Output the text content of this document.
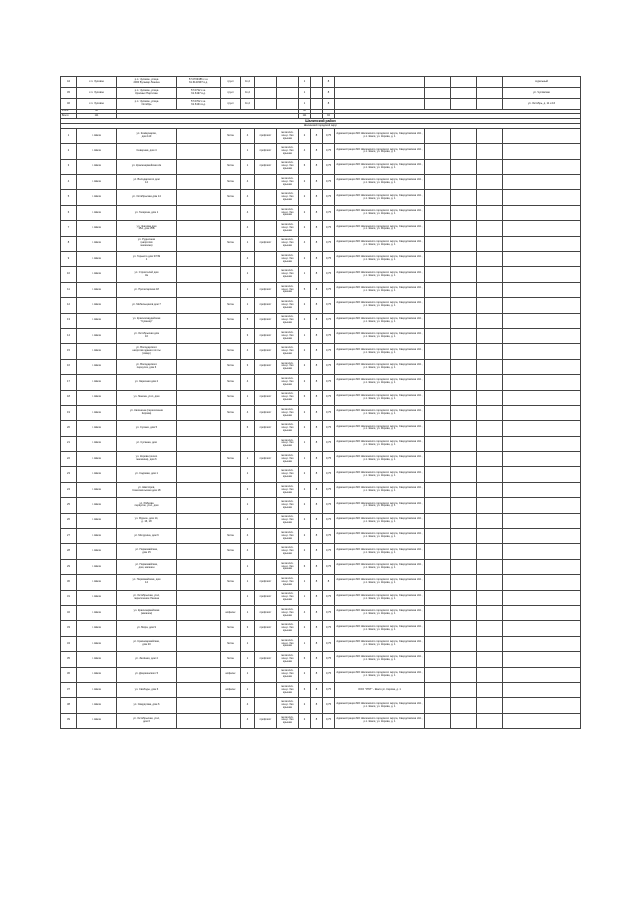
44	с.п. Чусовое	р.п. Чусовое, улица
2000 Бульвар Ленина	57.0703386 с.ш.
61.6123397 в.д.	грунт	11,2			1		8					отдельный
45	с.п. Чусовое	р.п. Чусовое, улица
Красных Партизан	57.0732 с.ш.
61.6197 в.д.	грунт	11,2			1		8					ул. Чусовская
46	с.п. Чусовое	р.п. Чусовое, улица
Октябрь	57.0702 с.ш.
61.6131 в.д.	грунт	11,2			1		8					ул. Октябрь, д. 11 и 16
Итого:	46							46							
Всего:	111							111		94					
Шалинский район															
Шалинский городской округ															
1	г. Шаля	ул. Коммунаров,
дом 113		бетон	4	профлист	металлич.
кон-р. без
крышки	2	8	0,75	Администрация МО Шалинского городского округа, Свердловская обл., р.п. Шаля, ул. Кирова, д. 1				
2	г. Шаля	Северная, дом 4			1	профлист	металлич.
кон-р. без
крышки	4	8	0,75	Администрация МО Шалинского городского округа, Свердловская обл., р.п. Шаля, ул. Кирова, д. 1				
3	г. Шаля	ул. Красноармейская 2а		бетон	1	профлист	металлич.
кон-р. без
крышки	6	8	0,75	Администрация МО Шалинского городского округа, Свердловская обл., р.п. Шаля, ул. Кирова, д. 1				
4	г. Шаля	ул. Володарского дом
14		бетон	4		металлич.
кон-р. без
крышки	2	8	0,75	Администрация МО Шалинского городского округа, Свердловская обл., р.п. Шаля, ул. Кирова, д. 1				
5	г. Шаля	ул. Октябрьская дом 14		бетон	4		металлич.
кон-р. без
крышки	2	8	0,75	Администрация МО Шалинского городского округа, Свердловская обл., р.п. Шаля, ул. Кирова, д. 1				
6	г. Шаля	ул. Гагарина, дом 1			4		металлич.
кон-р. без
крышки	2	8	0,75	Администрация МО Шалинского городского округа, Свердловская обл., р.п. Шаля, ул. Кирова, д. 1				
7	г. Шаля	ул. Чкалова дом
35А, дом 35Б			4		металлич.
кон-р. без
крышки	2	8	0,75	Администрация МО Шалинского городского округа, Свердловская обл., р.п. Шаля, ул. Кирова, д. 1				
8	г. Шаля	ул. Рудничная
(напротив
магазина)		бетон	1	профлист	металлич.
кон-р. без
крышки	4	8	0,75	Администрация МО Шалинского городского округа, Свердловская обл., р.п. Шаля, ул. Кирова, д. 1				
9	г. Шаля	ул. Горького дом 37/49
1			4		металлич.
кон-р. без
крышки	2	8	0,75	Администрация МО Шалинского городского округа, Свердловская обл., р.п. Шаля, ул. Кирова, д. 1				
10	г. Шаля	ул. Строителей дом
3а			1		металлич.
кон-р. без
крышки	1	8	0,75	Администрация МО Шалинского городского округа, Свердловская обл., р.п. Шаля, ул. Кирова, д. 1				
11	г. Шаля	ул. Пролетарская 18			1	профлист	металлич.
кон-р. без
крышки	5	8	0,75	Администрация МО Шалинского городского округа, Свердловская обл., р.п. Шаля, ул. Кирова, д. 1				
12	г. Шаля	ул. Мебельщиков дом 7		бетон	1	профлист	металлич.
кон-р. без
крышки	2	8	0,75	Администрация МО Шалинского городского округа, Свердловская обл., р.п. Шаля, ул. Кирова, д. 1				
13	г. Шаля	ул. Красногвардейская
"Сувенир"		бетон	5	профлист	металлич.
кон-р. без
крышки	2	8	0,75	Администрация МО Шалинского городского округа, Свердловская обл., р.п. Шаля, ул. Кирова, д. 1				
14	г. Шаля	ул. Октябрьская дом
10			3	профлист	металлич.
кон-р. без
крышки	1	8	0,75	Администрация МО Шалинского городского округа, Свердловская обл., р.п. Шаля, ул. Кирова, д. 1				
15	г. Шаля	ул. Володарского
напротив здания почты
(сквер)		бетон	4	профлист	металлич.
кон-р. без
крышки	2	8	0,75	Администрация МО Шалинского городского округа, Свердловская обл., р.п. Шаля, ул. Кирова, д. 1				
16	г. Шаля	ул. Володарского
переулок, дом 6		бетон	3	профлист	металлич.
кон-р. без
крышки	2	8	0,75	Администрация МО Шалинского городского округа, Свердловская обл., р.п. Шаля, ул. Кирова, д. 1				
17	г. Шаля	ул. Заречная дом 2		бетон	4		металлич.
кон-р. без
крышки	2	8	0,75	Администрация МО Шалинского городского округа, Свердловская обл., р.п. Шаля, ул. Кирова, д. 1				
18	г. Шаля	ул. Ленина, угол, дом		бетон	1	профлист	металлич.
кон-р. без
крышки	6	8	0,75	Администрация МО Шалинского городского округа, Свердловская обл., р.п. Шаля, ул. Кирова, д. 1				
19	г. Шаля	ул. Калинина (пересечение
Кирова)		бетон	4	профлист	металлич.
кон-р. без
крышки	2	8	0,75	Администрация МО Шалинского городского округа, Свердловская обл., р.п. Шаля, ул. Кирова, д. 1				
20	г. Шаля	ул. Сусаня, дом 5			6	профлист	металлич.
кон-р. без
крышки	2	8	0,75	Администрация МО Шалинского городского округа, Свердловская обл., р.п. Шаля, ул. Кирова, д. 1				
21	г. Шаля	ул. Сусанна, дом					металлич.
кон-р. без
крышки	1	8	0,75	Администрация МО Шалинского городского округа, Свердловская обл., р.п. Шаля, ул. Кирова, д. 1				
22	г. Шаля	ул. Кирова (около
магазина), дом 6		бетон	1	профлист	металлич.
кон-р. без
крышки	1	8	0,75	Администрация МО Шалинского городского округа, Свердловская обл., р.п. Шаля, ул. Кирова, д. 1				
23	г. Шаля	ул. Садовая, дом 1			1		металлич.
кон-р. без
крышки	2	8	0,75	Администрация МО Шалинского городского округа, Свердловская обл., р.п. Шаля, ул. Кирова, д. 1				
24	г. Шаля	ул. Шахтёров,
Комсомольская дом 18			3		металлич.
кон-р. без
крышки	2	8	0,75	Администрация МО Шалинского городского округа, Свердловская обл., р.п. Шаля, ул. Кирова, д. 1				
25	г. Шаля	ул. Рябкова
переулок, угол, дом			1		металлич.
кон-р. без
крышки	2	8	0,75	Администрация МО Шалинского городского округа, Свердловская обл., р.п. Шаля, ул. Кирова, д. 1				
26	г. Шаля	ул. Фрунзе, дом 14,
д. 16, 18			4		металлич.
кон-р. без
крышки	2	8	0,75	Администрация МО Шалинского городского округа, Свердловская обл., р.п. Шаля, ул. Кирова, д. 1				
27	г. Шаля	ул. Мичурина, дом 6		бетон	4		металлич.
кон-р. без
крышки	2	8	0,75	Администрация МО Шалинского городского округа, Свердловская обл., р.п. Шаля, ул. Кирова, д. 1				
28	г. Шаля	ул. Первомайская,
дом 15		бетон	4		металлич.
кон-р. без
крышки	2	8	0,75	Администрация МО Шалинского городского округа, Свердловская обл., р.п. Шаля, ул. Кирова, д. 1				
29	г. Шаля	ул. Первомайская,
дом, магазин			1		металлич.
кон-р. без
крышки	6	8	0,75	Администрация МО Шалинского городского округа, Свердловская обл., р.п. Шаля, ул. Кирова, д. 1				
30	г. Шаля	ул. Первомайская, дом
14		бетон	1	профлист	металлич.
кон-р. без
крышки	1	8	8	Администрация МО Шалинского городского округа, Свердловская обл., р.п. Шаля, ул. Кирова, д. 1				
31	г. Шаля	ул. Октябрьская, угол,
пересечение Ленина			1	профлист	металлич.
кон-р. без
крышки	1	8	0,75	Администрация МО Шалинского городского округа, Свердловская обл., р.п. Шаля, ул. Кирова, д. 1				
32	г. Шаля	ул. Красноармейская
(магазин)		асфальт	1	профлист	металлич.
кон-р. без
крышки	4	8	0,75	Администрация МО Шалинского городского округа, Свердловская обл., р.п. Шаля, ул. Кирова, д. 1				
33	г. Шаля	ул. Мира, дом 9		бетон	3	профлист	металлич.
кон-р. без
крышки	2	8	0,75	Администрация МО Шалинского городского округа, Свердловская обл., р.п. Шаля, ул. Кирова, д. 1				
34	г. Шаля	ул. Красноармейская,
дом 20		бетон	1		металлич.
кон-р. без
крышки	1	8	0,75	Администрация МО Шалинского городского округа, Свердловская обл., р.п. Шаля, ул. Кирова, д. 1				
35	г. Шаля	ул. Зелёная, дом 4		бетон	1	профлист	металлич.
кон-р. без
крышки	6	8	0,75	Администрация МО Шалинского городского округа, Свердловская обл., р.п. Шаля, ул. Кирова, д. 1				
36	г. Шаля	ул. Дзержинского 5		асфальт	1		металлич.
кон-р. без
крышки	2	8	0,75	Администрация МО Шалинского городского округа, Свердловская обл., р.п. Шаля, ул. Кирова, д. 1				
37	г. Шаля	ул. Свободы, дом 6		асфальт	1		металлич.
кон-р. без
крышки	6	8	0,75	ООО "УЮТ" - Шаля ул. Кирова, д. 1				
38	г. Шаля	ул. Свердлова, дом 6			4		металлич.
кон-р. без
крышки	2	8	0,75	Администрация МО Шалинского городского округа, Свердловская обл., р.п. Шаля, ул. Кирова, д. 1				
39	г. Шаля	ул. Октябрьская, угол,
дом 6			4	профлист	металлич.
кон-р. без
крышки	2	8	0,75	Администрация МО Шалинского городского округа, Свердловская обл., р.п. Шаля, ул. Кирова, д. 1				
